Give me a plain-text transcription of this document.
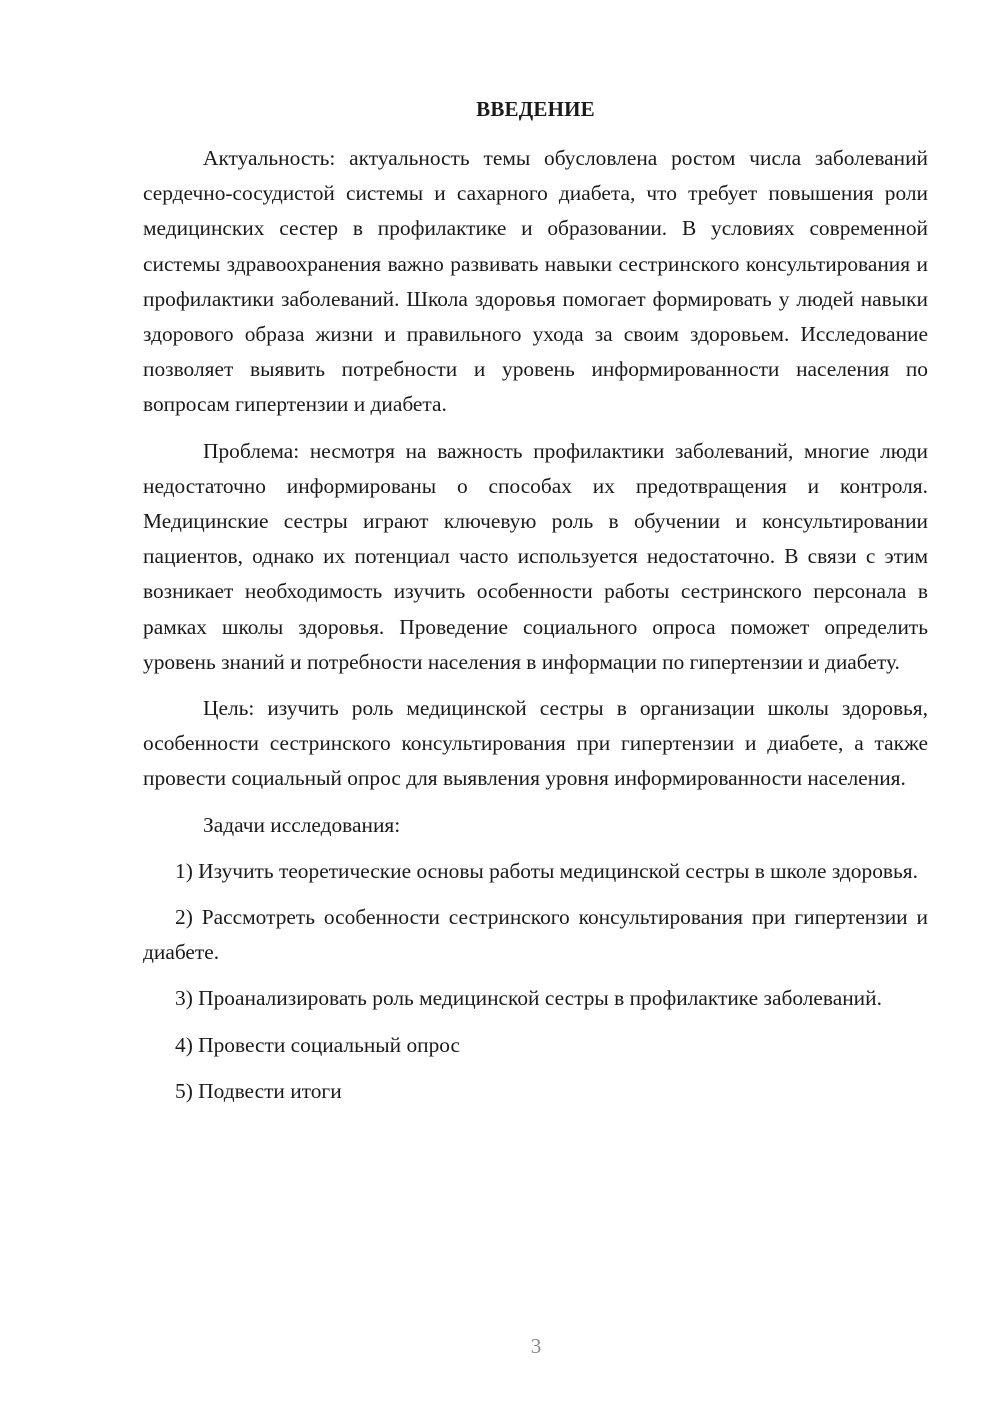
ВВЕДЕНИЕ

Актуальность: актуальность темы обусловлена ростом числа заболеваний сердечно-сосудистой системы и сахарного диабета, что требует повышения роли медицинских сестер в профилактике и образовании. В условиях современной системы здравоохранения важно развивать навыки сестринского консультирования и профилактики заболеваний. Школа здоровья помогает формировать у людей навыки здорового образа жизни и правильного ухода за своим здоровьем. Исследование позволяет выявить потребности и уровень информированности населения по вопросам гипертензии и диабета.

Проблема: несмотря на важность профилактики заболеваний, многие люди недостаточно информированы о способах их предотвращения и контроля. Медицинские сестры играют ключевую роль в обучении и консультировании пациентов, однако их потенциал часто используется недостаточно. В связи с этим возникает необходимость изучить особенности работы сестринского персонала в рамках школы здоровья. Проведение социального опроса поможет определить уровень знаний и потребности населения в информации по гипертензии и диабету.

Цель: изучить роль медицинской сестры в организации школы здоровья, особенности сестринского консультирования при гипертензии и диабете, а также провести социальный опрос для выявления уровня информированности населения.

Задачи исследования:

1) Изучить теоретические основы работы медицинской сестры в школе здоровья.

2) Рассмотреть особенности сестринского консультирования при гипертензии и диабете.

3) Проанализировать роль медицинской сестры в профилактике заболеваний.

4) Провести социальный опрос

5) Подвести итоги

3
